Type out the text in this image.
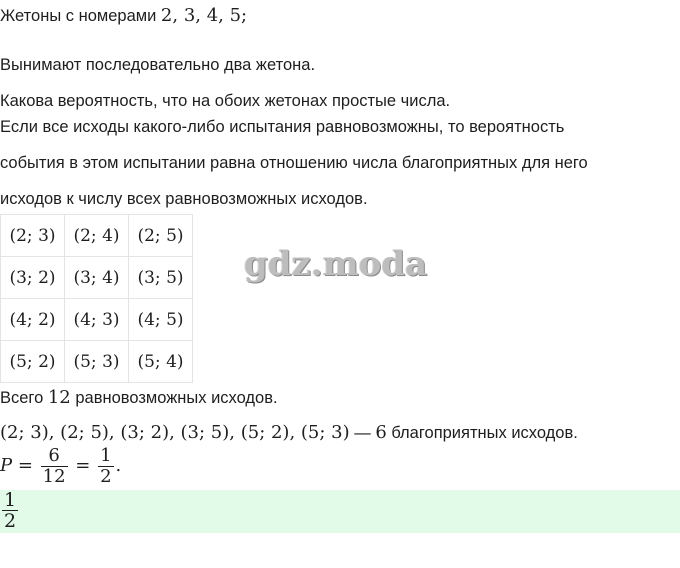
Жетоны с номерами 2, 3, 4, 5;
Вынимают последовательно два жетона.
Какова вероятность, что на обоих жетонах простые числа.
Если все исходы какого-либо испытания равновозможны, то вероятность
события в этом испытании равна отношению числа благоприятных для него
исходов к числу всех равновозможных исходов.
(2; 3)	(2; 4)	(2; 5)
(3; 2)	(3; 4)	(3; 5)
(4; 2)	(4; 3)	(4; 5)
(5; 2)	(5; 3)	(5; 4)
gdz.moda
Всего 12 равновозможных исходов.
(2; 3), (2; 5), (3; 2), (3; 5), (5; 2), (5; 3) — 6 благоприятных исходов.
$P = \frac{6}{12} = \frac{1}{2}$ .
$\frac{1}{2}$
